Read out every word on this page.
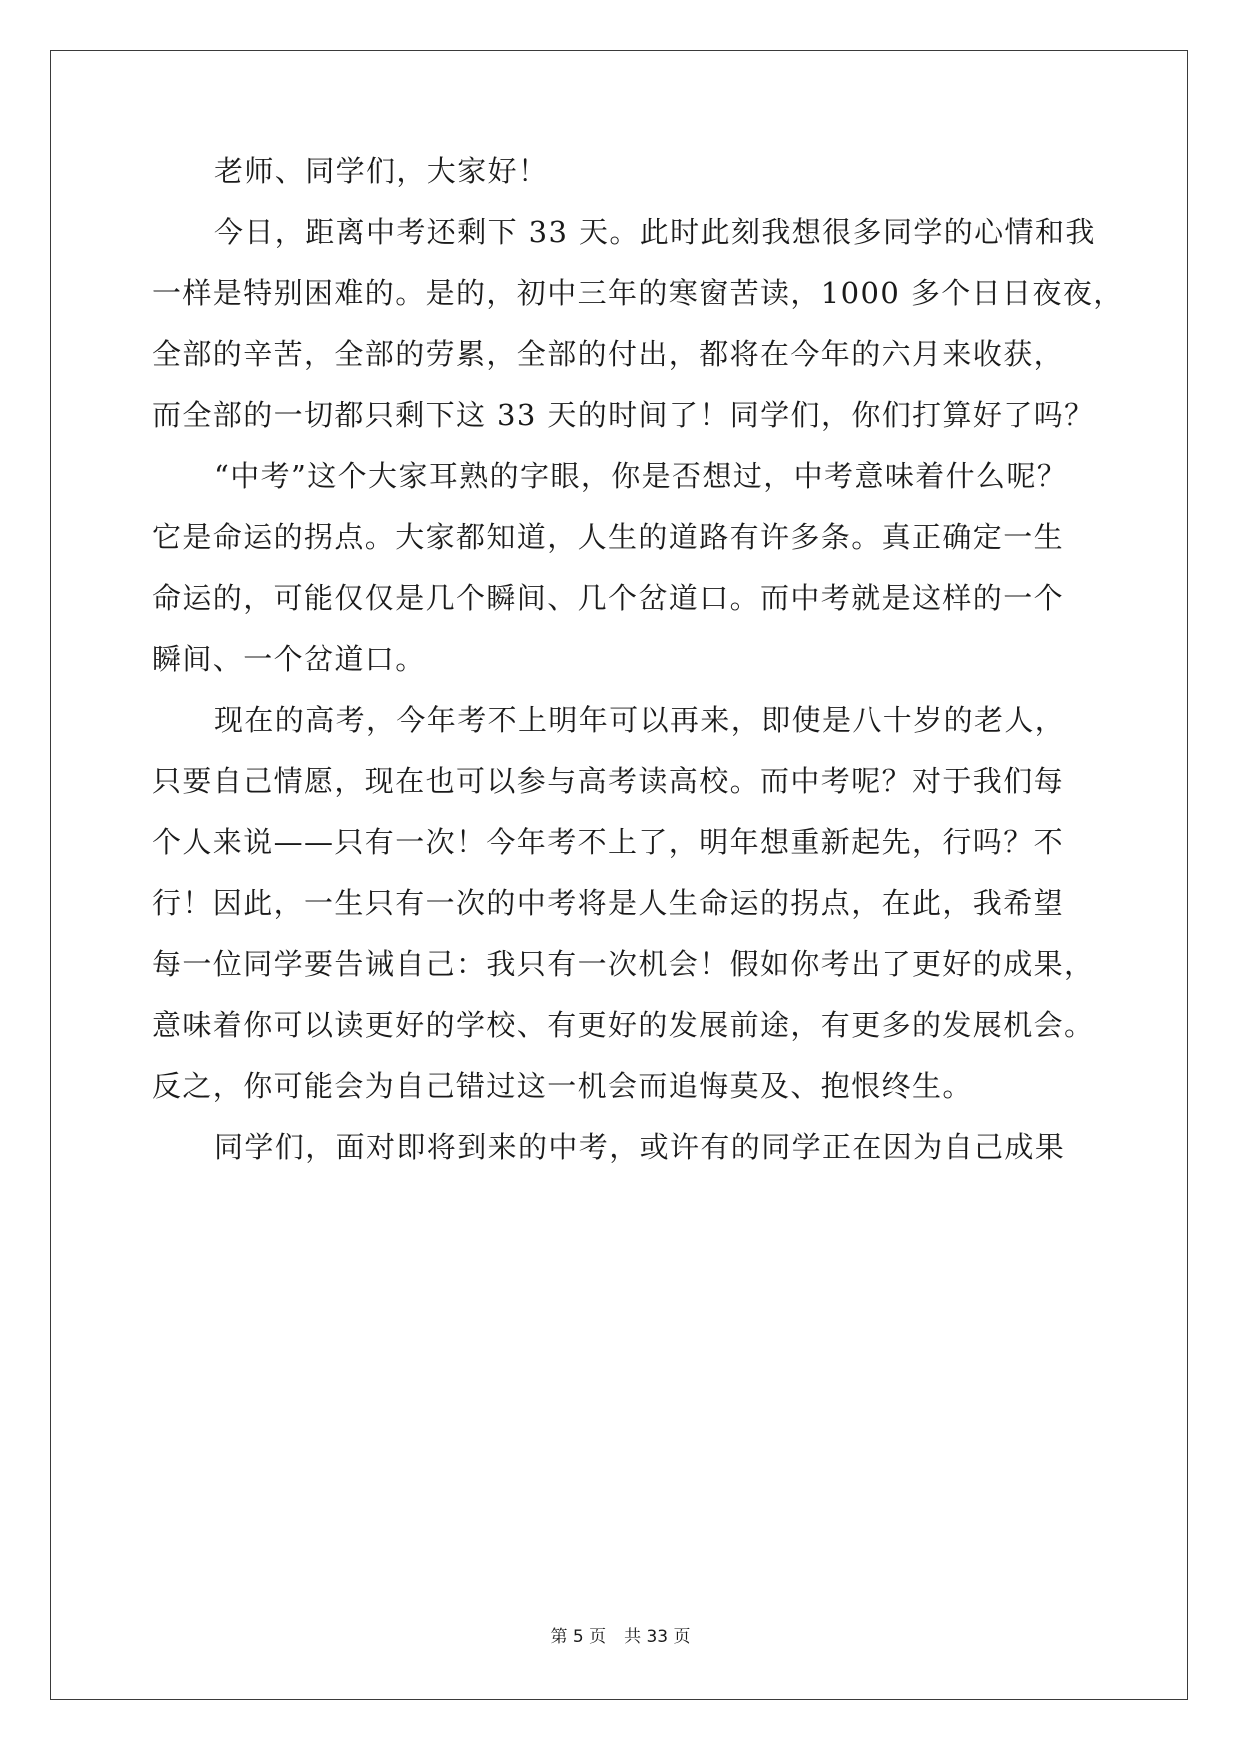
老师、同学们，大家好！
今日，距离中考还剩下 33 天。此时此刻我想很多同学的心情和我
一样是特别困难的。是的，初中三年的寒窗苦读，1000 多个日日夜夜，
全部的辛苦，全部的劳累，全部的付出，都将在今年的六月来收获，
而全部的一切都只剩下这 33 天的时间了！同学们，你们打算好了吗？
“中考”这个大家耳熟的字眼，你是否想过，中考意味着什么呢？
它是命运的拐点。大家都知道，人生的道路有许多条。真正确定一生
命运的，可能仅仅是几个瞬间、几个岔道口。而中考就是这样的一个
瞬间、一个岔道口。
现在的高考，今年考不上明年可以再来，即使是八十岁的老人，
只要自己情愿，现在也可以参与高考读高校。而中考呢？对于我们每
个人来说——只有一次！今年考不上了，明年想重新起先，行吗？不
行！因此，一生只有一次的中考将是人生命运的拐点，在此，我希望
每一位同学要告诫自己：我只有一次机会！假如你考出了更好的成果，
意味着你可以读更好的学校、有更好的发展前途，有更多的发展机会。
反之，你可能会为自己错过这一机会而追悔莫及、抱恨终生。
同学们，面对即将到来的中考，或许有的同学正在因为自己成果
第 5 页 共 33 页
